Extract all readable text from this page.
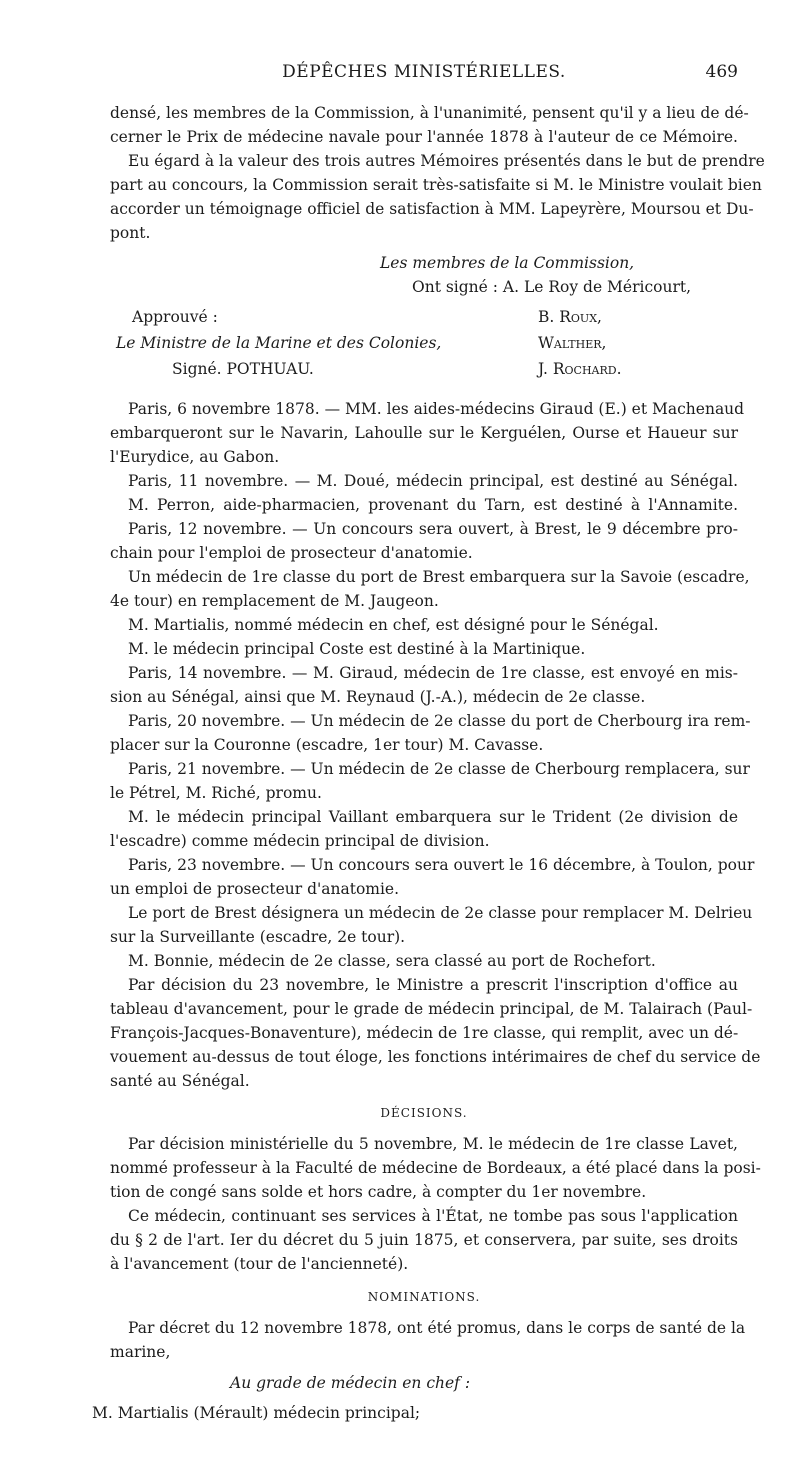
DÉPÊCHES MINISTÉRIELLES.	469
densé, les membres de la Commission, à l'unanimité, pensent qu'il y a lieu de dé-
cerner le Prix de médecine navale pour l'année 1878 à l'auteur de ce Mémoire.
Eu égard à la valeur des trois autres Mémoires présentés dans le but de prendre
part au concours, la Commission serait très-satisfaite si M. le Ministre voulait bien
accorder un témoignage officiel de satisfaction à MM. Lapeyrère, Moursou et Du-
pont.
Les membres de la Commission,
Ont signé : A. Le Roy de Méricourt,
Approuvé :	B. Roux,
Le Ministre de la Marine et des Colonies,	Walther,
Signé. POTHUAU.	J. Rochard.
Paris, 6 novembre 1878. — MM. les aides-médecins Giraud (E.) et Machenaud
embarqueront sur le Navarin, Lahoulle sur le Kerguélen, Ourse et Haueur sur
l'Eurydice, au Gabon.
Paris, 11 novembre. — M. Doué, médecin principal, est destiné au Sénégal.
M. Perron, aide-pharmacien, provenant du Tarn, est destiné à l'Annamite.
Paris, 12 novembre. — Un concours sera ouvert, à Brest, le 9 décembre pro-
chain pour l'emploi de prosecteur d'anatomie.
Un médecin de 1re classe du port de Brest embarquera sur la Savoie (escadre,
4e tour) en remplacement de M. Jaugeon.
M. Martialis, nommé médecin en chef, est désigné pour le Sénégal.
M. le médecin principal Coste est destiné à la Martinique.
Paris, 14 novembre. — M. Giraud, médecin de 1re classe, est envoyé en mis-
sion au Sénégal, ainsi que M. Reynaud (J.-A.), médecin de 2e classe.
Paris, 20 novembre. — Un médecin de 2e classe du port de Cherbourg ira rem-
placer sur la Couronne (escadre, 1er tour) M. Cavasse.
Paris, 21 novembre. — Un médecin de 2e classe de Cherbourg remplacera, sur
le Pétrel, M. Riché, promu.
M. le médecin principal Vaillant embarquera sur le Trident (2e division de
l'escadre) comme médecin principal de division.
Paris, 23 novembre. — Un concours sera ouvert le 16 décembre, à Toulon, pour
un emploi de prosecteur d'anatomie.
Le port de Brest désignera un médecin de 2e classe pour remplacer M. Delrieu
sur la Surveillante (escadre, 2e tour).
M. Bonnie, médecin de 2e classe, sera classé au port de Rochefort.
Par décision du 23 novembre, le Ministre a prescrit l'inscription d'office au
tableau d'avancement, pour le grade de médecin principal, de M. Talairach (Paul-
François-Jacques-Bonaventure), médecin de 1re classe, qui remplit, avec un dé-
vouement au-dessus de tout éloge, les fonctions intérimaires de chef du service de
santé au Sénégal.
DÉCISIONS.
Par décision ministérielle du 5 novembre, M. le médecin de 1re classe Lavet,
nommé professeur à la Faculté de médecine de Bordeaux, a été placé dans la posi-
tion de congé sans solde et hors cadre, à compter du 1er novembre.
Ce médecin, continuant ses services à l'État, ne tombe pas sous l'application
du § 2 de l'art. Ier du décret du 5 juin 1875, et conservera, par suite, ses droits
à l'avancement (tour de l'ancienneté).
NOMINATIONS.
Par décret du 12 novembre 1878, ont été promus, dans le corps de santé de la
marine,
Au grade de médecin en chef :
M. Martialis (Mérault) médecin principal;
